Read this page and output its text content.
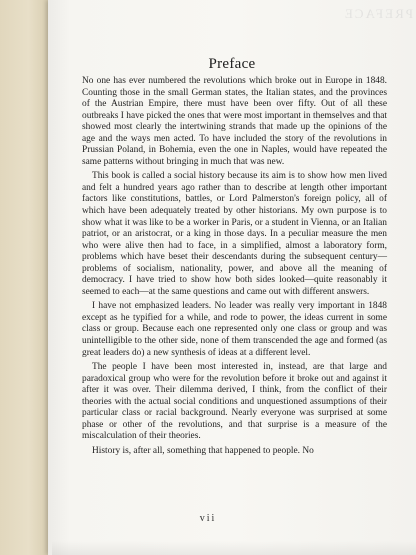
PREFACE
Preface

No one has ever numbered the revolutions which broke out in Europe in 1848. Counting those in the small German states, the Italian states, and the provinces of the Austrian Empire, there must have been over fifty. Out of all these outbreaks I have picked the ones that were most important in themselves and that showed most clearly the intertwining strands that made up the opinions of the age and the ways men acted. To have included the story of the revolutions in Prussian Poland, in Bohemia, even the one in Naples, would have repeated the same patterns without bringing in much that was new.

This book is called a social history because its aim is to show how men lived and felt a hundred years ago rather than to describe at length other important factors like constitutions, battles, or Lord Palmerston's foreign policy, all of which have been adequately treated by other historians. My own purpose is to show what it was like to be a worker in Paris, or a student in Vienna, or an Italian patriot, or an aristocrat, or a king in those days. In a peculiar measure the men who were alive then had to face, in a simplified, almost a laboratory form, problems which have beset their descendants during the subsequent century—problems of socialism, nationality, power, and above all the meaning of democracy. I have tried to show how both sides looked—quite reasonably it seemed to each—at the same questions and came out with different answers.

I have not emphasized leaders. No leader was really very important in 1848 except as he typified for a while, and rode to power, the ideas current in some class or group. Because each one represented only one class or group and was unintelligible to the other side, none of them transcended the age and formed (as great leaders do) a new synthesis of ideas at a different level.

The people I have been most interested in, instead, are that large and paradoxical group who were for the revolution before it broke out and against it after it was over. Their dilemma derived, I think, from the conflict of their theories with the actual social conditions and unquestioned assumptions of their particular class or racial background. Nearly everyone was surprised at some phase or other of the revolutions, and that surprise is a measure of the miscalculation of their theories.

History is, after all, something that happened to people. No

vii
